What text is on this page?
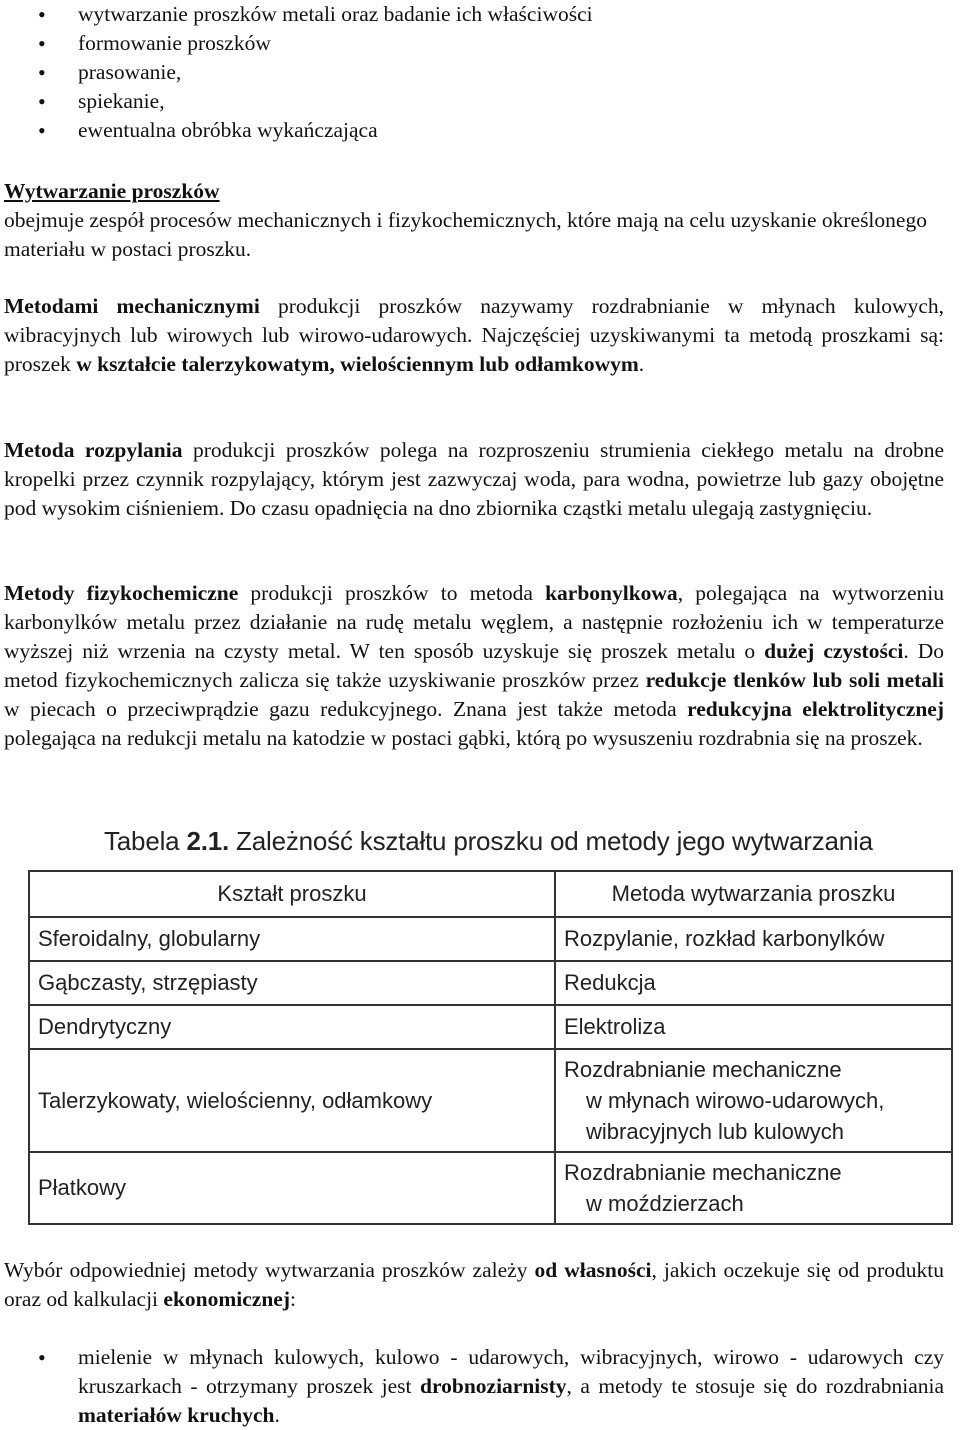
• wytwarzanie proszków metali oraz badanie ich właściwości
• formowanie proszków
• prasowanie,
• spiekanie,
• ewentualna obróbka wykańczająca
Wytwarzanie proszków
obejmuje zespół procesów mechanicznych i fizykochemicznych, które mają na celu uzyskanie określonego materiału w postaci proszku.
Metodami mechanicznymi produkcji proszków nazywamy rozdrabnianie w młynach kulowych, wibracyjnych lub wirowych lub wirowo-udarowych. Najczęściej uzyskiwanymi ta metodą proszkami są: proszek w kształcie talerzykowatym, wielościennym lub odłamkowym.
Metoda rozpylania produkcji proszków polega na rozproszeniu strumienia ciekłego metalu na drobne kropelki przez czynnik rozpylający, którym jest zazwyczaj woda, para wodna, powietrze lub gazy obojętne pod wysokim ciśnieniem. Do czasu opadnięcia na dno zbiornika cząstki metalu ulegają zastygnięciu.
Metody fizykochemiczne produkcji proszków to metoda karbonylkowa, polegająca na wytworzeniu karbonylków metalu przez działanie na rudę metalu węglem, a następnie rozłożeniu ich w temperaturze wyższej niż wrzenia na czysty metal. W ten sposób uzyskuje się proszek metalu o dużej czystości. Do metod fizykochemicznych zalicza się także uzyskiwanie proszków przez redukcje tlenków lub soli metali w piecach o przeciwprądzie gazu redukcyjnego. Znana jest także metoda redukcyjna elektrolitycznej polegająca na redukcji metalu na katodzie w postaci gąbki, którą po wysuszeniu rozdrabnia się na proszek.
Tabela 2.1. Zależność kształtu proszku od metody jego wytwarzania
Kształt proszku	Metoda wytwarzania proszku
Sferoidalny, globularny	Rozpylanie, rozkład karbonylków
Gąbczasty, strzępiasty	Redukcja
Dendrytyczny	Elektroliza
Talerzykowaty, wielościenny, odłamkowy	Rozdrabnianie mechaniczne
w młynach wirowo-udarowych,
wibracyjnych lub kulowych

Płatkowy	Rozdrabnianie mechaniczne
w moździerzach
Wybór odpowiedniej metody wytwarzania proszków zależy od własności, jakich oczekuje się od produktu oraz od kalkulacji ekonomicznej:
• mielenie w młynach kulowych, kulowo - udarowych, wibracyjnych, wirowo - udarowych czy kruszarkach - otrzymany proszek jest drobnoziarnisty, a metody te stosuje się do rozdrabniania materiałów kruchych.
